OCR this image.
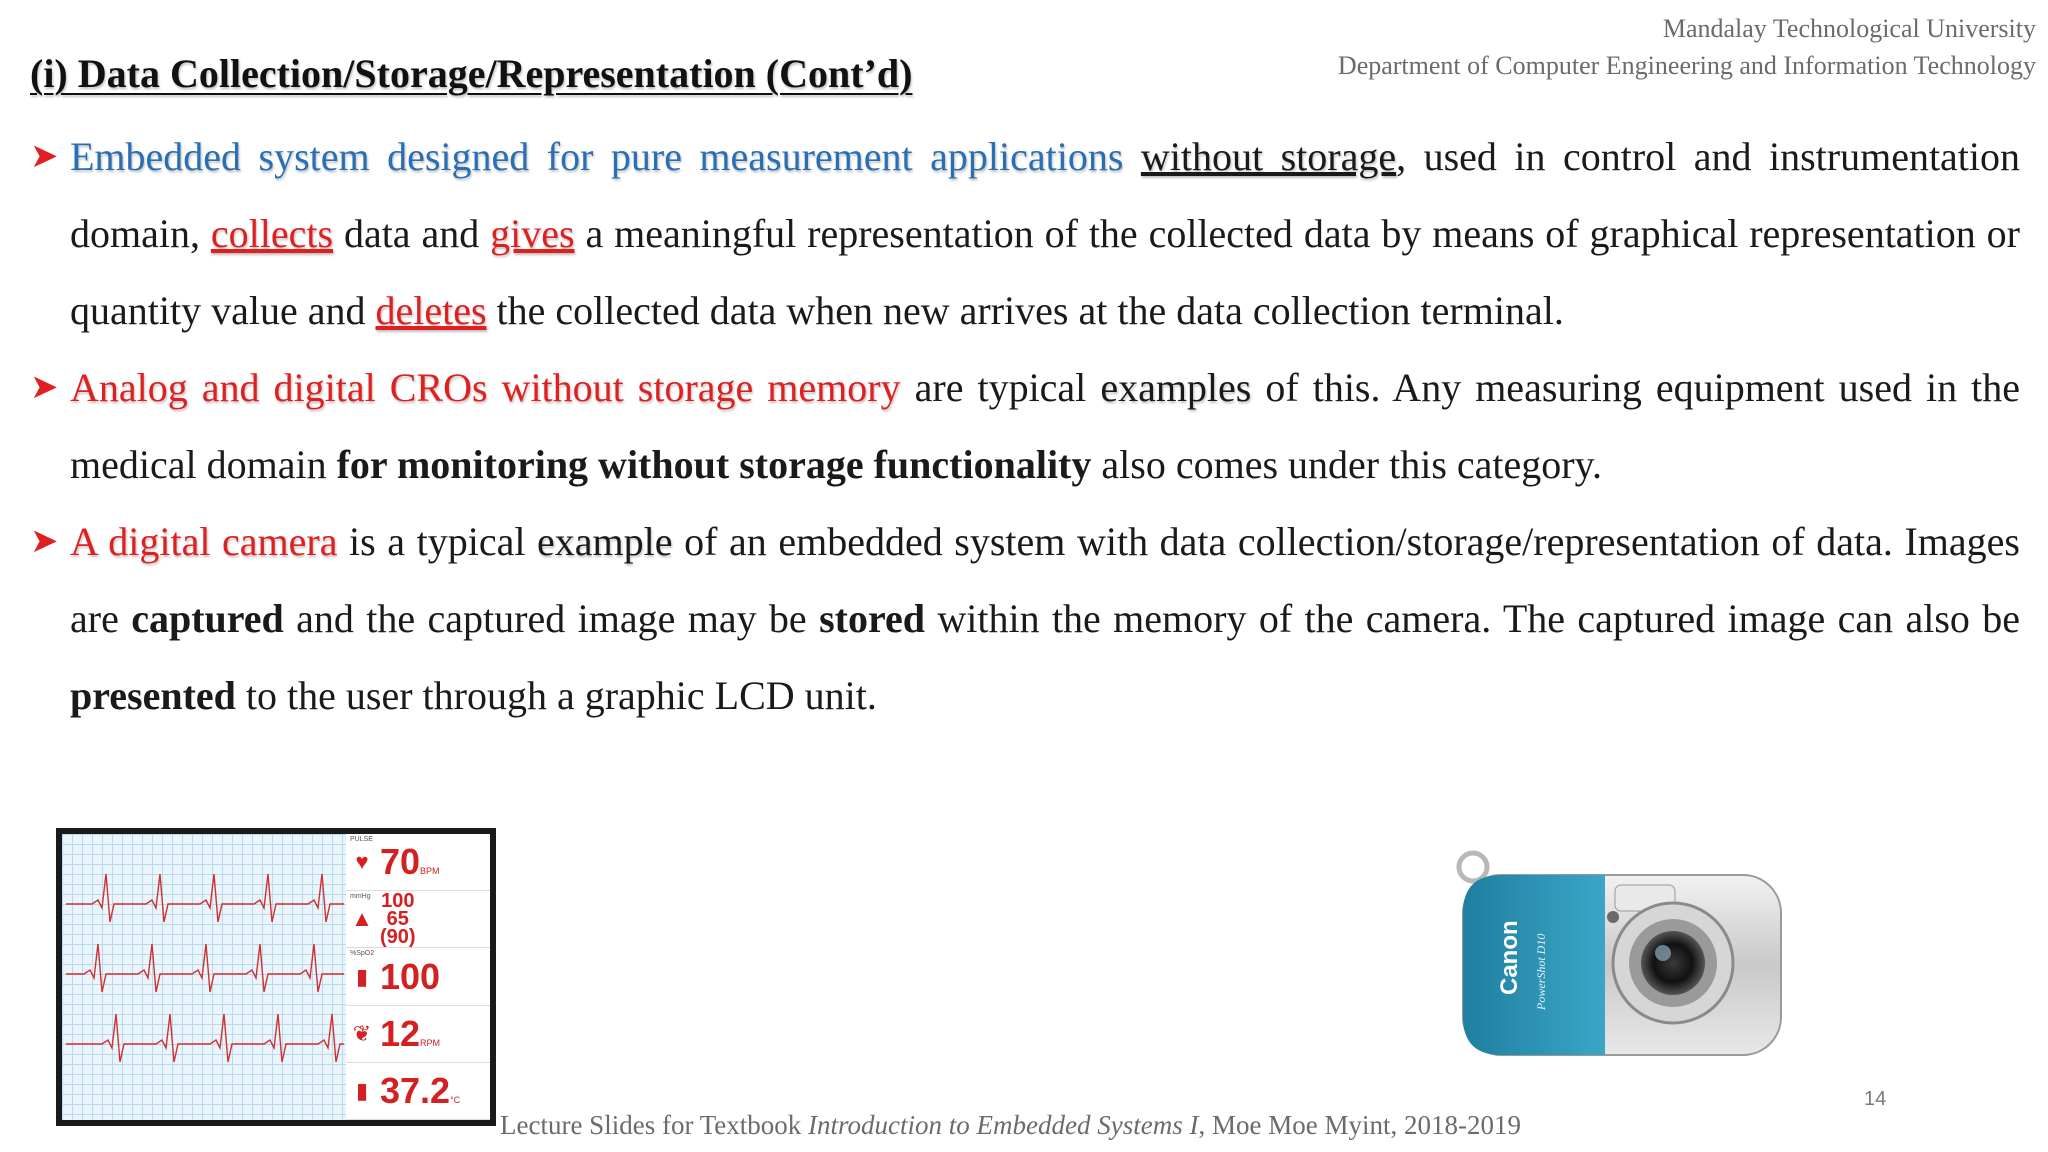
Mandalay Technological University
Department of Computer Engineering and Information Technology
(i) Data Collection/Storage/Representation (Cont’d)
➤ Embedded system designed for pure measurement applications without storage, used in control and instrumentation domain, collects data and gives a meaningful representation of the collected data by means of graphical representation or quantity value and deletes the collected data when new arrives at the data collection terminal.
➤ Analog and digital CROs without storage memory are typical examples of this. Any measuring equipment used in the medical domain for monitoring without storage functionality also comes under this category.
➤ A digital camera is a typical example of an embedded system with data collection/storage/representation of data. Images are captured and the captured image may be stored within the memory of the camera. The captured image can also be presented to the user through a graphic LCD unit.
PULSE
♥ 70 BPM
mmHg
▲
100
65
(90)
%SpO2
▮ 100
❦ 12 RPM
▮ 37.2 °C
Canon PowerShot D10
Lecture Slides for Textbook Introduction to Embedded Systems I, Moe Moe Myint, 2018-2019
14
